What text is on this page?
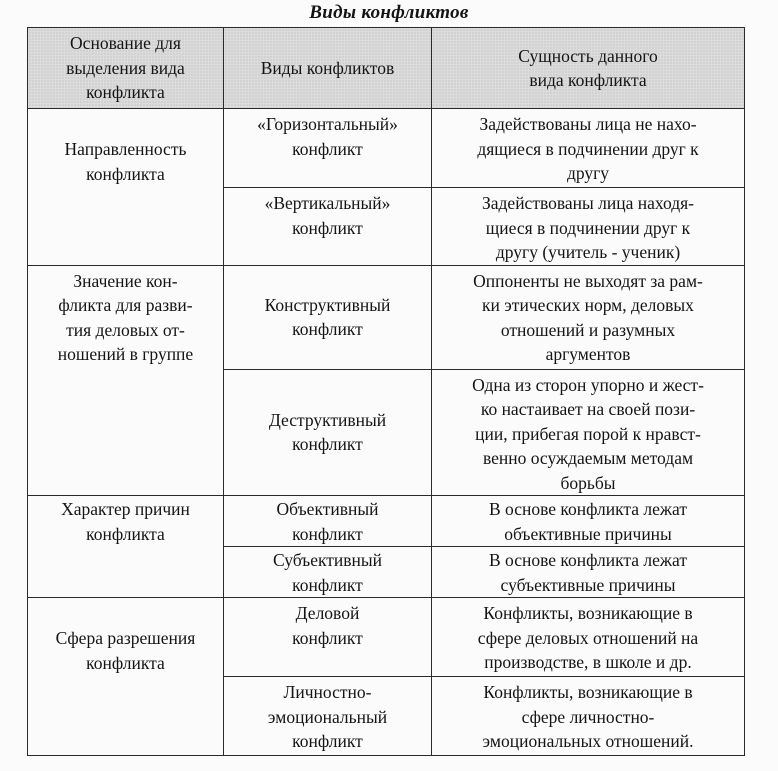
Виды конфликтов
Основание для
выделения вида
конфликта	Виды конфликтов	Сущность данного
вида конфликта

Направленность
конфликта	«Горизонтальный»
конфликт	Задействованы лица не нахо-
дящиеся в подчинении друг к
другу

	«Вертикальный»
конфликт	Задействованы лица находя-
щиеся в подчинении друг к
другу (учитель - ученик)

Значение кон-
фликта для разви-
тия деловых от-
ношений в группе	Конструктивный
конфликт	Оппоненты не выходят за рам-
ки этических норм, деловых
отношений и разумных
аргументов

	Деструктивный
конфликт	Одна из сторон упорно и жест-
ко настаивает на своей пози-
ции, прибегая порой к нравст-
венно осуждаемым методам
борьбы

Характер причин
конфликта	Объективный
конфликт	В основе конфликта лежат
объективные причины

	Субъективный
конфликт	В основе конфликта лежат
субъективные причины

Сфера разрешения
конфликта	Деловой
конфликт	Конфликты, возникающие в
сфере деловых отношений на
производстве, в школе и др.

	Личностно-
эмоциональный
конфликт	Конфликты, возникающие в
сфере личностно-
эмоциональных отношений.
